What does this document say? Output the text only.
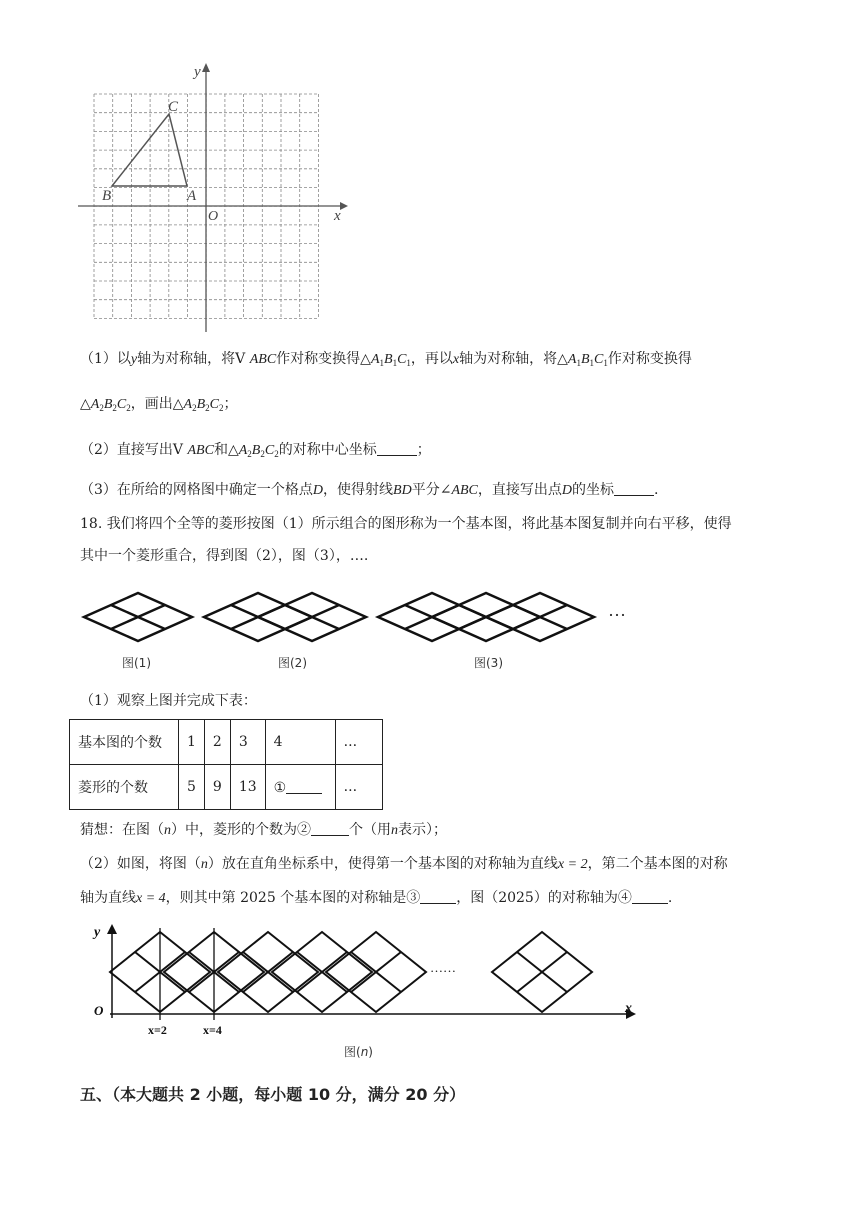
y
x
O
C
B	A
（1）以y轴为对称轴，将V ABC作对称变换得$\triangle A_1B_1C_1$，再以x轴为对称轴，将$\triangle A_1B_1C_1$作对称变换得
$\triangle A_2B_2C_2$，画出$\triangle A_2B_2C_2$；
（2）直接写出V ABC和$\triangle A_2B_2C_2$的对称中心坐标	；
（3）在所给的网格图中确定一个格点D，使得射线BD平分∠ABC，直接写出点D的坐标	.
18. 我们将四个全等的菱形按图（1）所示组合的图形称为一个基本图，将此基本图复制并向右平移，使得
其中一个菱形重合，得到图（2），图（3），….
···
图(1)	图(2)	图(3)
（1）观察上图并完成下表：
基本图的个数	1	2	3	4	...
菱形的个数	5	9	13	①	...
猜想：在图（n）中，菱形的个数为②	个（用n表示）；
（2）如图，将图（n）放在直角坐标系中，使得第一个基本图的对称轴为直线x = 2，第二个基本图的对称
轴为直线x = 4，则其中第 2025 个基本图的对称轴是③	，图（2025）的对称轴为④	.
y
O	x
x=2	x=4
……
图(n)
五、（本大题共 2 小题，每小题 10 分，满分 20 分）
